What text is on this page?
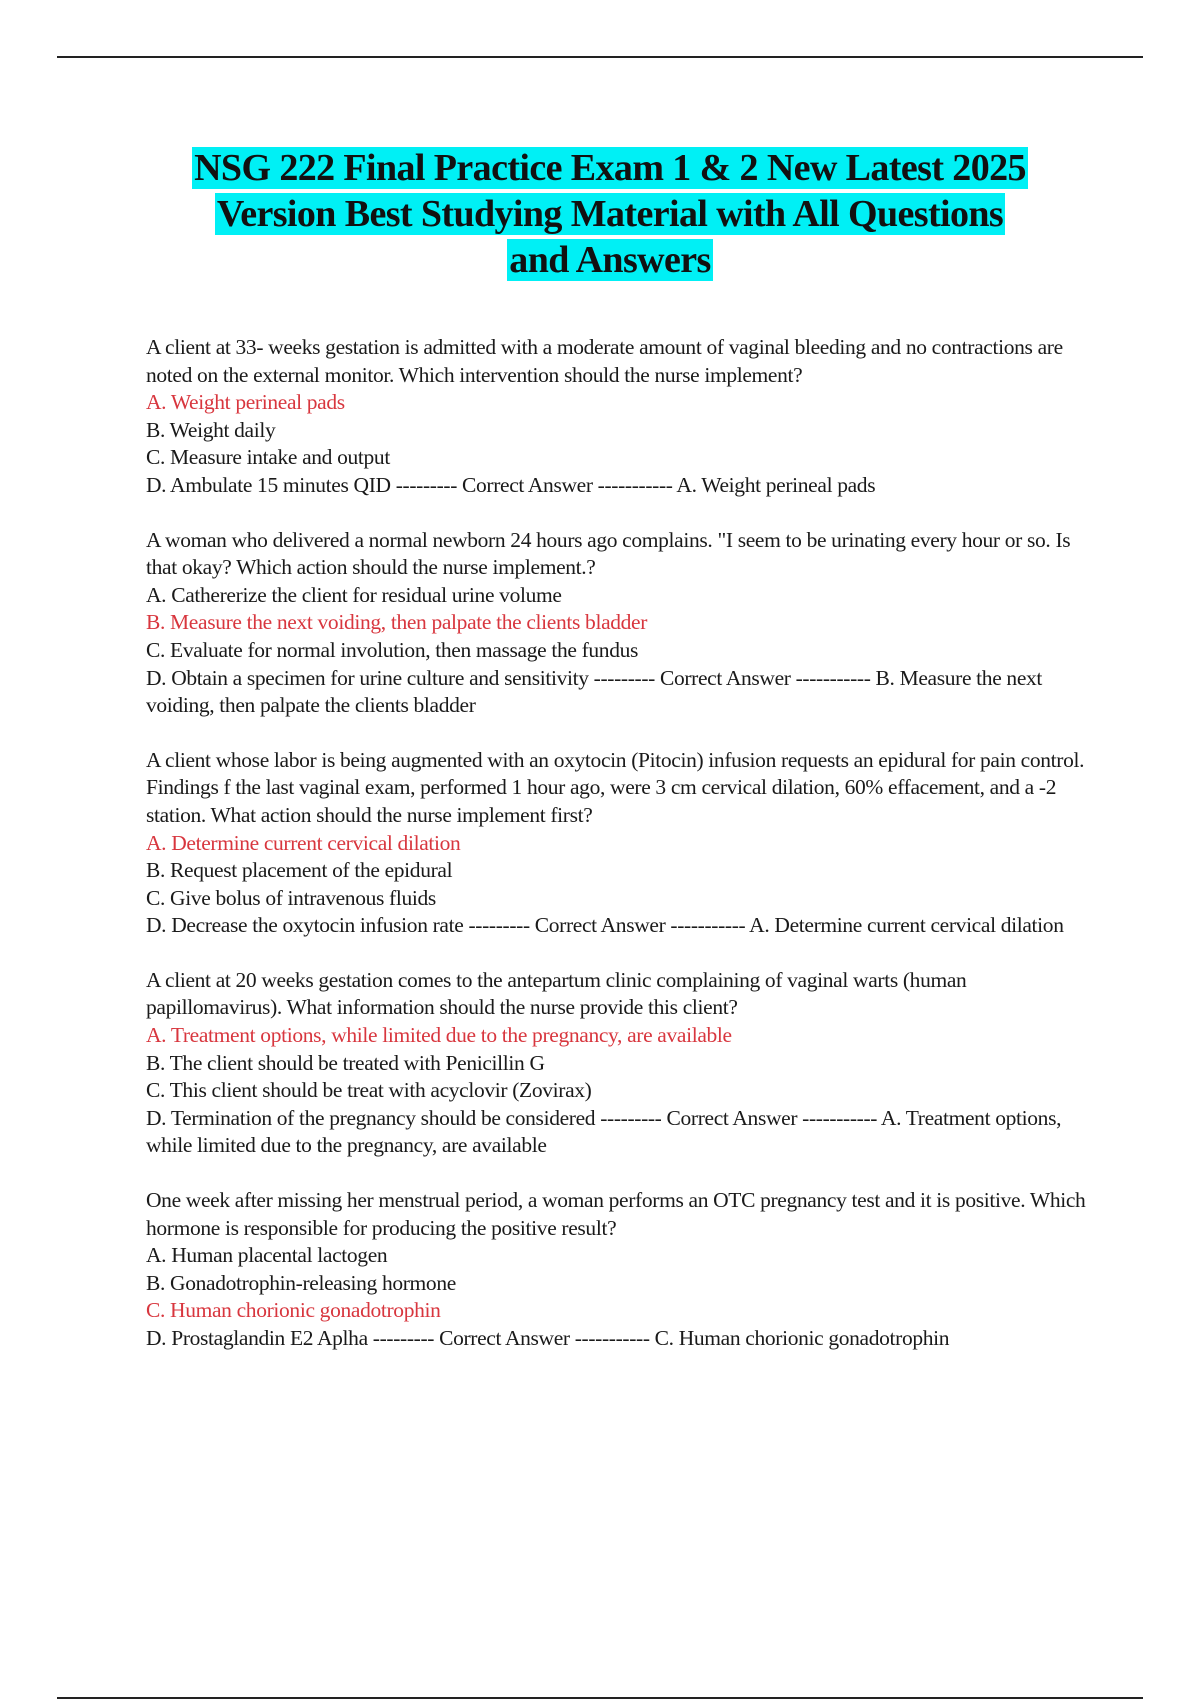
NSG 222 Final Practice Exam 1 & 2 New Latest 2025
Version Best Studying Material with All Questions
and Answers
A client at 33- weeks gestation is admitted with a moderate amount of vaginal bleeding and no contractions are noted on the external monitor. Which intervention should the nurse implement?
A. Weight perineal pads
B. Weight daily
C. Measure intake and output
D. Ambulate 15 minutes QID --------- Correct Answer ----------- A. Weight perineal pads
A woman who delivered a normal newborn 24 hours ago complains. "I seem to be urinating every hour or so. Is that okay? Which action should the nurse implement.?
A. Cathererize the client for residual urine volume
B. Measure the next voiding, then palpate the clients bladder
C. Evaluate for normal involution, then massage the fundus
D. Obtain a specimen for urine culture and sensitivity --------- Correct Answer ----------- B. Measure the next voiding, then palpate the clients bladder
A client whose labor is being augmented with an oxytocin (Pitocin) infusion requests an epidural for pain control. Findings f the last vaginal exam, performed 1 hour ago, were 3 cm cervical dilation, 60% effacement, and a -2 station. What action should the nurse implement first?
A. Determine current cervical dilation
B. Request placement of the epidural
C. Give bolus of intravenous fluids
D. Decrease the oxytocin infusion rate --------- Correct Answer ----------- A. Determine current cervical dilation
A client at 20 weeks gestation comes to the antepartum clinic complaining of vaginal warts (human papillomavirus). What information should the nurse provide this client?
A. Treatment options, while limited due to the pregnancy, are available
B. The client should be treated with Penicillin G
C. This client should be treat with acyclovir (Zovirax)
D. Termination of the pregnancy should be considered --------- Correct Answer ----------- A. Treatment options, while limited due to the pregnancy, are available
One week after missing her menstrual period, a woman performs an OTC pregnancy test and it is positive. Which hormone is responsible for producing the positive result?
A. Human placental lactogen
B. Gonadotrophin-releasing hormone
C. Human chorionic gonadotrophin
D. Prostaglandin E2 Aplha --------- Correct Answer ----------- C. Human chorionic gonadotrophin
